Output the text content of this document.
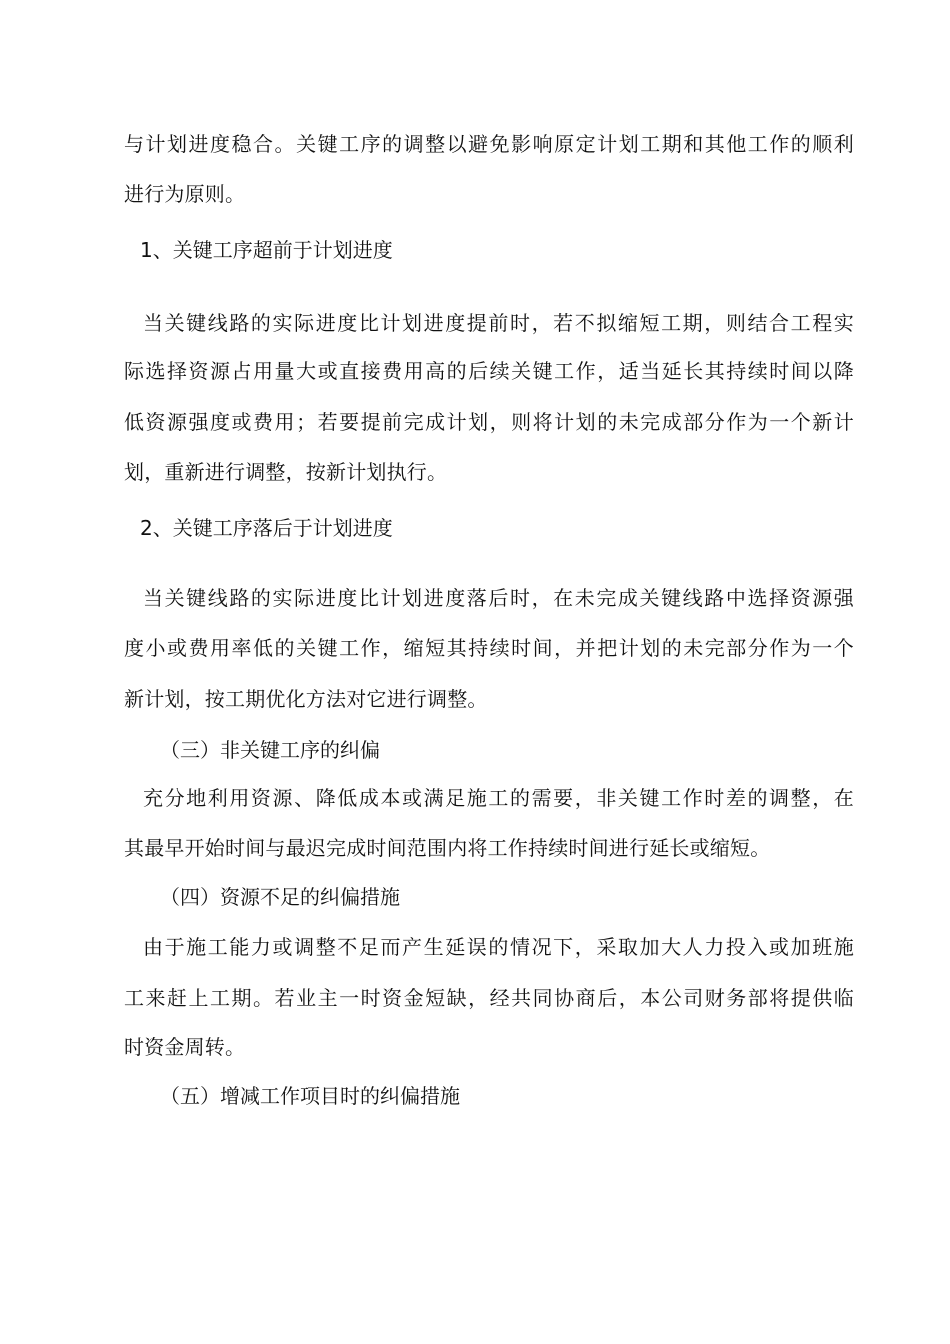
与计划进度稳合。关键工序的调整以避免影响原定计划工期和其他工作的顺利
进行为原则。
1、关键工序超前于计划进度
当关键线路的实际进度比计划进度提前时，若不拟缩短工期，则结合工程实
际选择资源占用量大或直接费用高的后续关键工作，适当延长其持续时间以降
低资源强度或费用；若要提前完成计划，则将计划的未完成部分作为一个新计
划，重新进行调整，按新计划执行。
2、关键工序落后于计划进度
当关键线路的实际进度比计划进度落后时，在未完成关键线路中选择资源强
度小或费用率低的关键工作，缩短其持续时间，并把计划的未完部分作为一个
新计划，按工期优化方法对它进行调整。
（三）非关键工序的纠偏
充分地利用资源、降低成本或满足施工的需要，非关键工作时差的调整，在
其最早开始时间与最迟完成时间范围内将工作持续时间进行延长或缩短。
（四）资源不足的纠偏措施
由于施工能力或调整不足而产生延误的情况下，采取加大人力投入或加班施
工来赶上工期。若业主一时资金短缺，经共同协商后，本公司财务部将提供临
时资金周转。
（五）增减工作项目时的纠偏措施
